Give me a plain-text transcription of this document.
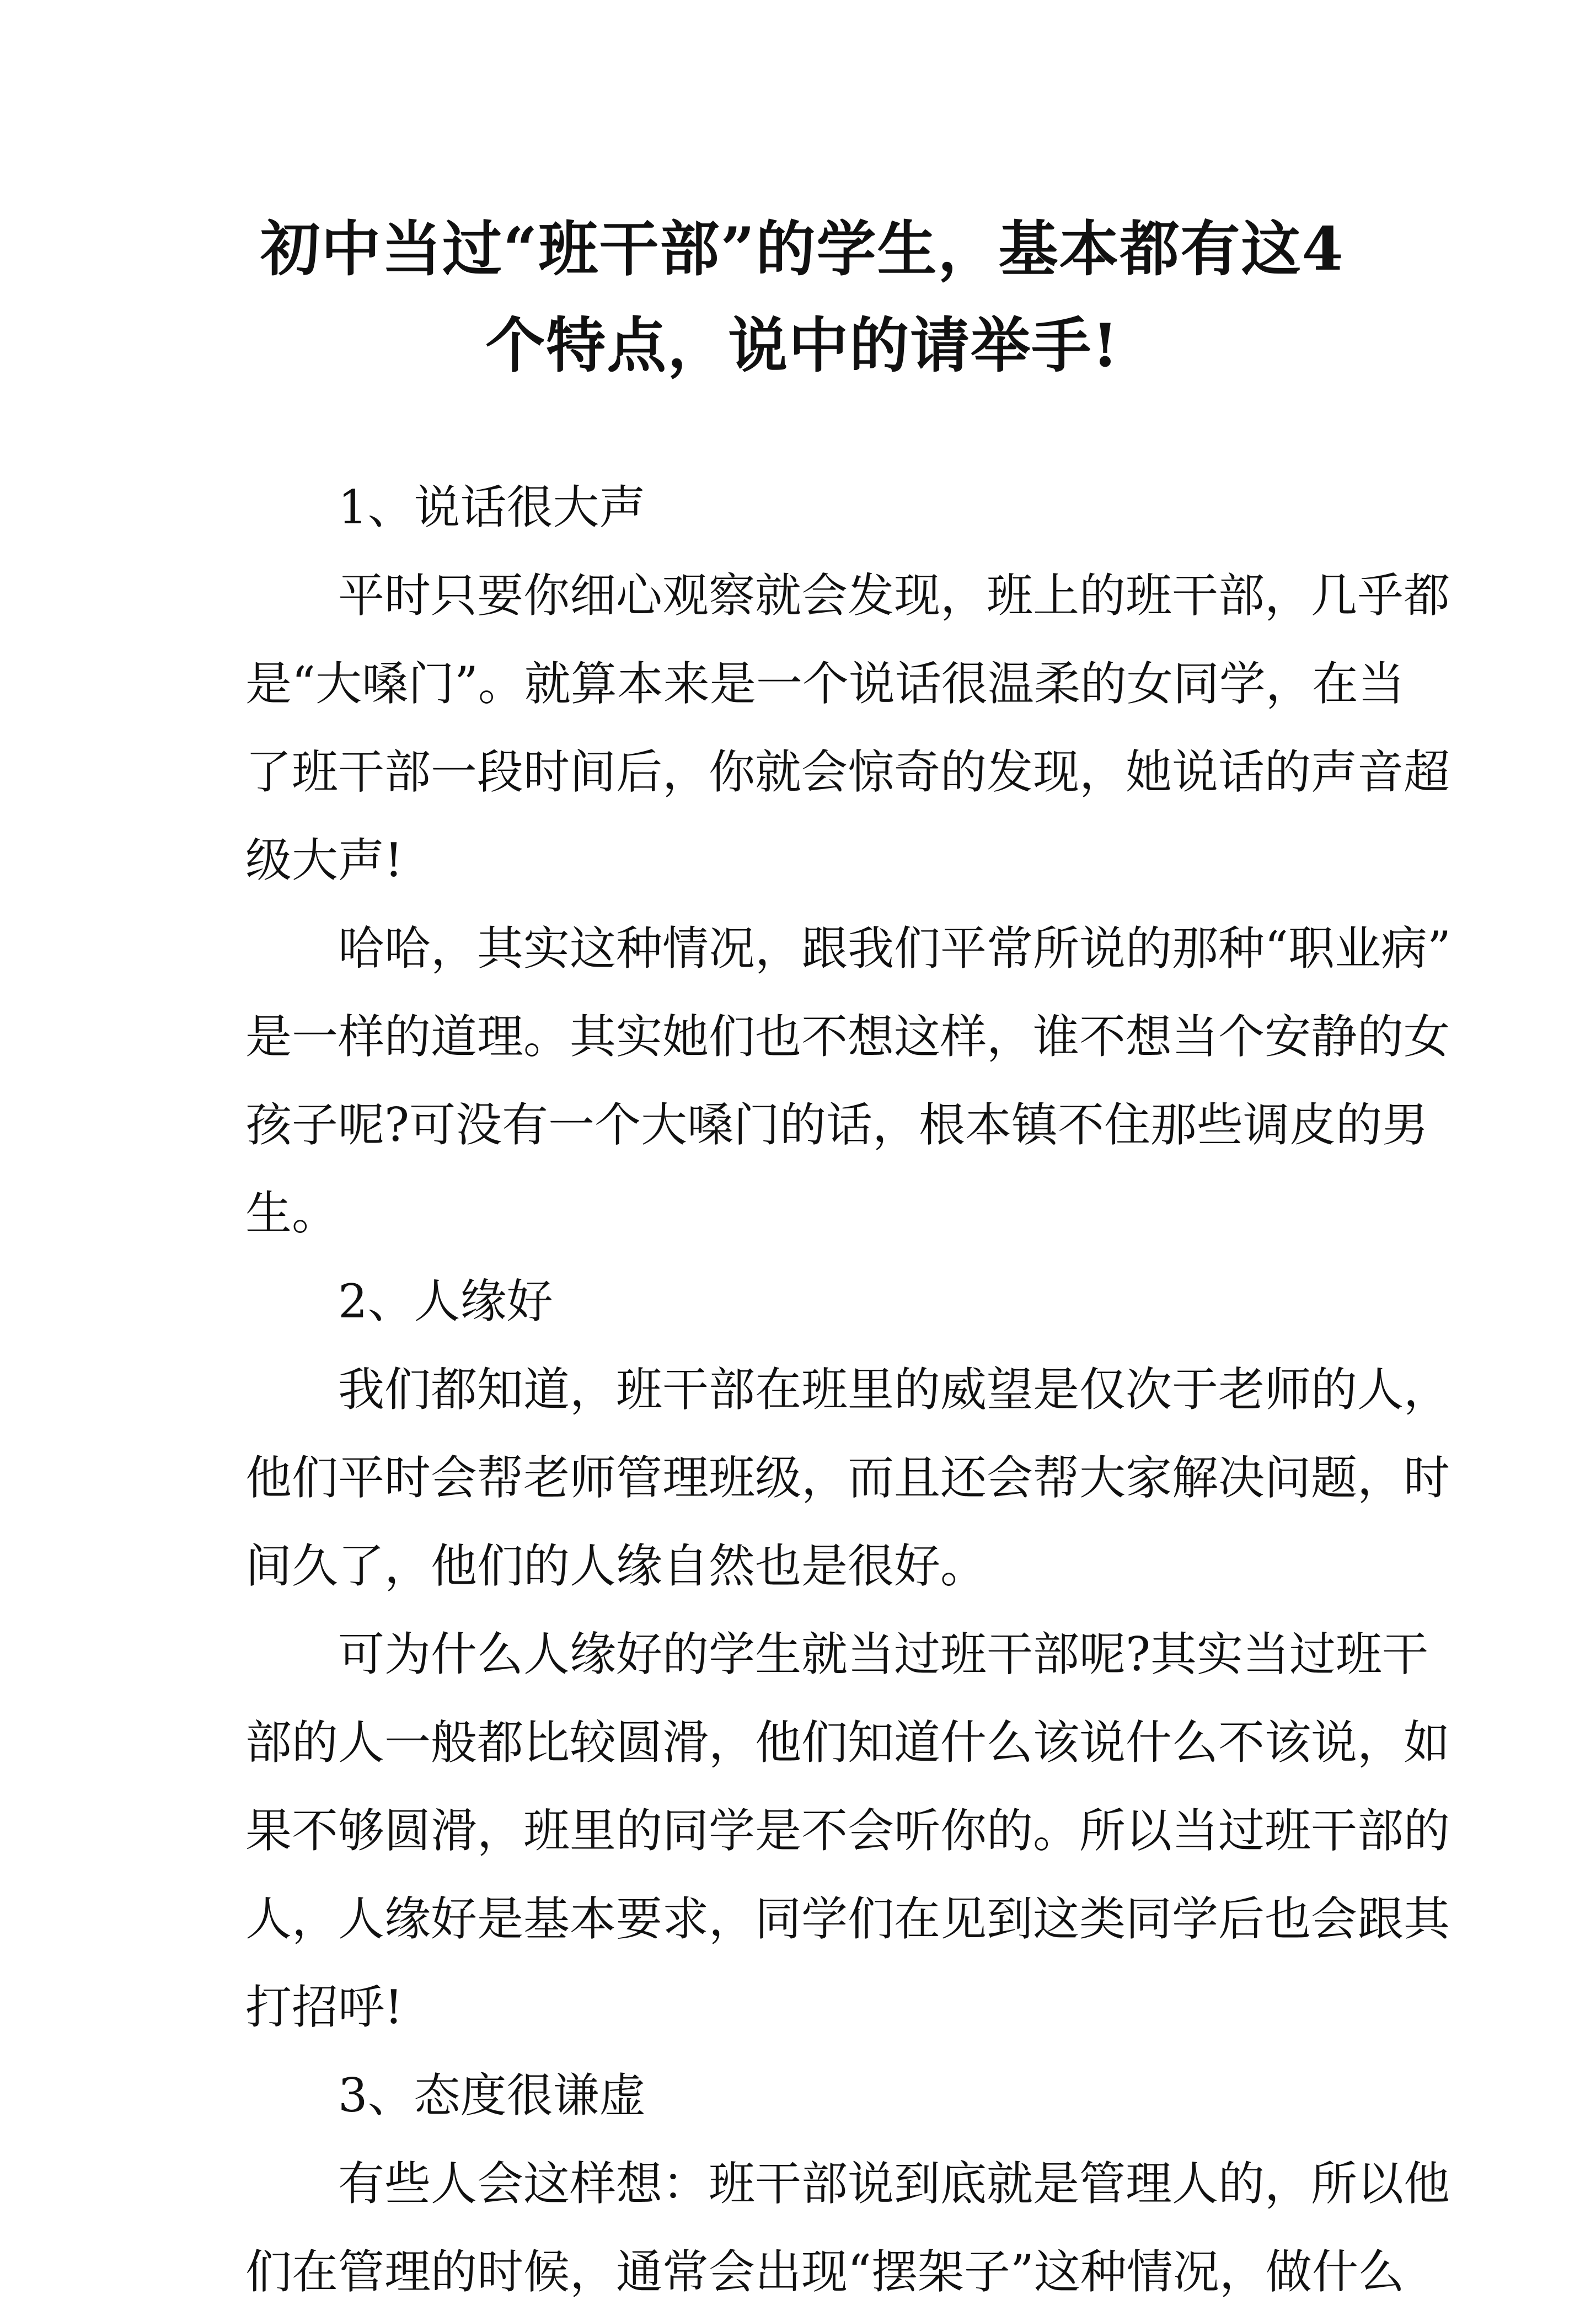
初中当过“班干部”的学生，基本都有这4
个特点，说中的请举手!

1、说话很大声

平时只要你细心观察就会发现，班上的班干部，几乎都
是“大嗓门”。就算本来是一个说话很温柔的女同学，在当
了班干部一段时间后，你就会惊奇的发现，她说话的声音超
级大声!

哈哈，其实这种情况，跟我们平常所说的那种“职业病”
是一样的道理。其实她们也不想这样，谁不想当个安静的女
孩子呢?可没有一个大嗓门的话，根本镇不住那些调皮的男
生。

2、人缘好

我们都知道，班干部在班里的威望是仅次于老师的人，
他们平时会帮老师管理班级，而且还会帮大家解决问题，时
间久了，他们的人缘自然也是很好。

可为什么人缘好的学生就当过班干部呢?其实当过班干
部的人一般都比较圆滑，他们知道什么该说什么不该说，如
果不够圆滑，班里的同学是不会听你的。所以当过班干部的
人，人缘好是基本要求，同学们在见到这类同学后也会跟其
打招呼!

3、态度很谦虚

有些人会这样想：班干部说到底就是管理人的，所以他
们在管理的时候，通常会出现“摆架子”这种情况，做什么
